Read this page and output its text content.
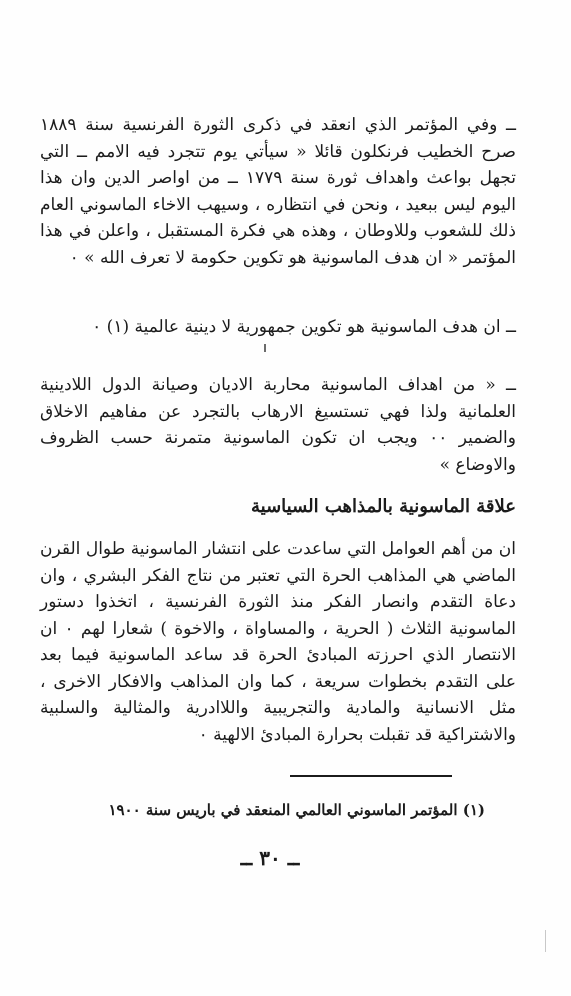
ــ وفي المؤتمر الذي انعقد في ذكرى الثورة الفرنسية سنة ١٨٨٩ صرح الخطيب فرنكلون قائلا « سيأتي يوم تتجرد فيه الامم ــ التي تجهل بواعث واهداف ثورة سنة ١٧٧٩ ــ من اواصر الدين وان هذا اليوم ليس ببعيد ، ونحن في انتظاره ، وسيهب الاخاء الماسوني العام ذلك للشعوب وللاوطان ، وهذه هي فكرة المستقبل ، واعلن في هذا المؤتمر « ان هدف الماسونية هو تكوين حكومة لا تعرف الله » ٠

ــ ان هدف الماسونية هو تكوين جمهورية لا دينية عالمية (١) ٠

ــ « من اهداف الماسونية محاربة الاديان وصيانة الدول اللادينية العلمانية ولذا فهي تستسيغ الارهاب بالتجرد عن مفاهيم الاخلاق والضمير ٠٠ ويجب ان تكون الماسونية متمرنة حسب الظروف والاوضاع »

علاقة الماسونية بالمذاهب السياسية

ان من أهم العوامل التي ساعدت على انتشار الماسونية طوال القرن الماضي هي المذاهب الحرة التي تعتبر من نتاج الفكر البشري ، وان دعاة التقدم وانصار الفكر منذ الثورة الفرنسية ، اتخذوا دستور الماسونية الثلاث ( الحرية ، والمساواة ، والاخوة ) شعارا لهم ٠ ان الانتصار الذي احرزته المبادئ الحرة قد ساعد الماسونية فيما بعد على التقدم بخطوات سريعة ، كما وان المذاهب والافكار الاخرى ، مثل الانسانية والمادية والتجريبية واللاادرية والمثالية والسلبية والاشتراكية قد تقبلت بحرارة المبادئ الالهية ٠

(١) المؤتمر الماسوني العالمي المنعقد في باريس سنة ١٩٠٠
ــ ٣٠ ــ
